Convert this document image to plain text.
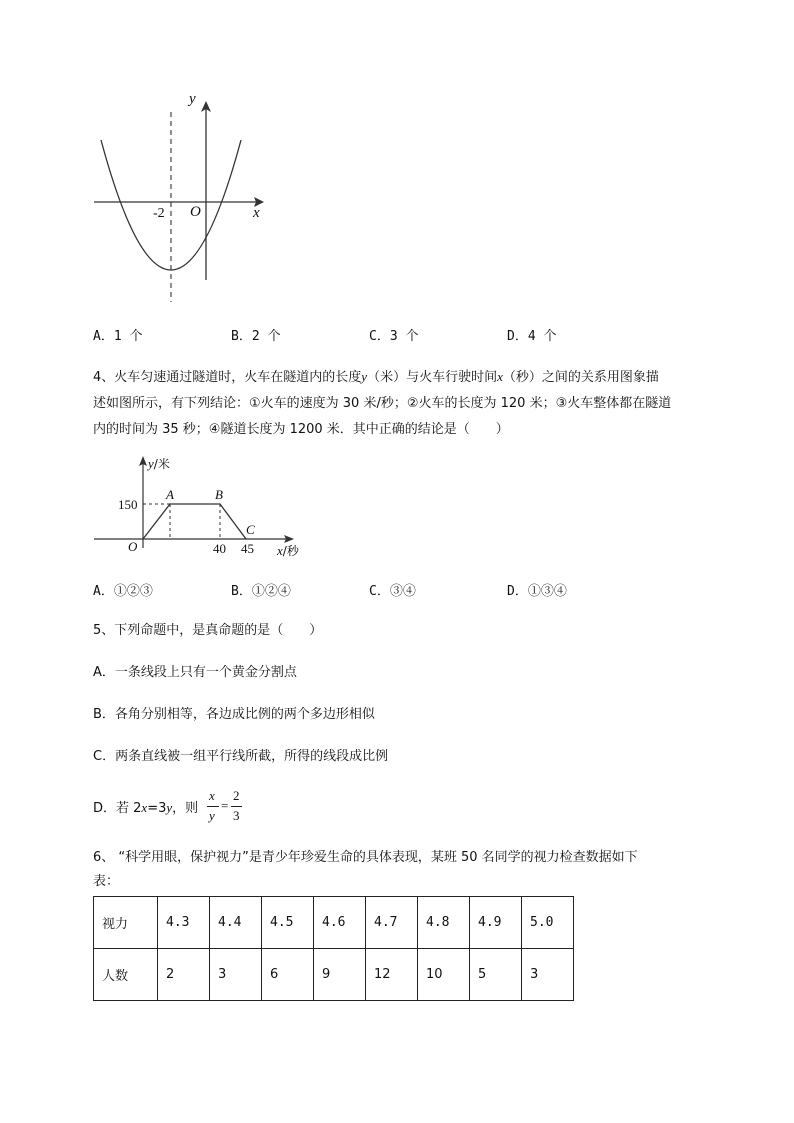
y
x
O
-2
A．1 个	B．2 个	C．3 个	D．4 个
4、火车匀速通过隧道时，火车在隧道内的长度y（米）与火车行驶时间x（秒）之间的关系用图象描
述如图所示，有下列结论：①火车的速度为 30 米/秒；②火车的长度为 120 米；③火车整体都在隧道
内的时间为 35 秒；④隧道长度为 1200 米．其中正确的结论是（　　）
y/米
x/秒
O
150
40 45
A	B
C
A．①②③	B．①②④	C．③④	D．①③④
5、下列命题中，是真命题的是（　　）
A．一条线段上只有一个黄金分割点
B．各角分别相等，各边成比例的两个多边形相似
C．两条直线被一组平行线所截，所得的线段成比例
D．若 2x=3y，则
x
y
=
2
3
6、 “科学用眼，保护视力”是青少年珍爱生命的具体表现，某班 50 名同学的视力检查数据如下
表：
视力	4.3	4.4	4.5	4.6	4.7	4.8	4.9	5.0
人数	2	3	6	9	12	10	5	3
